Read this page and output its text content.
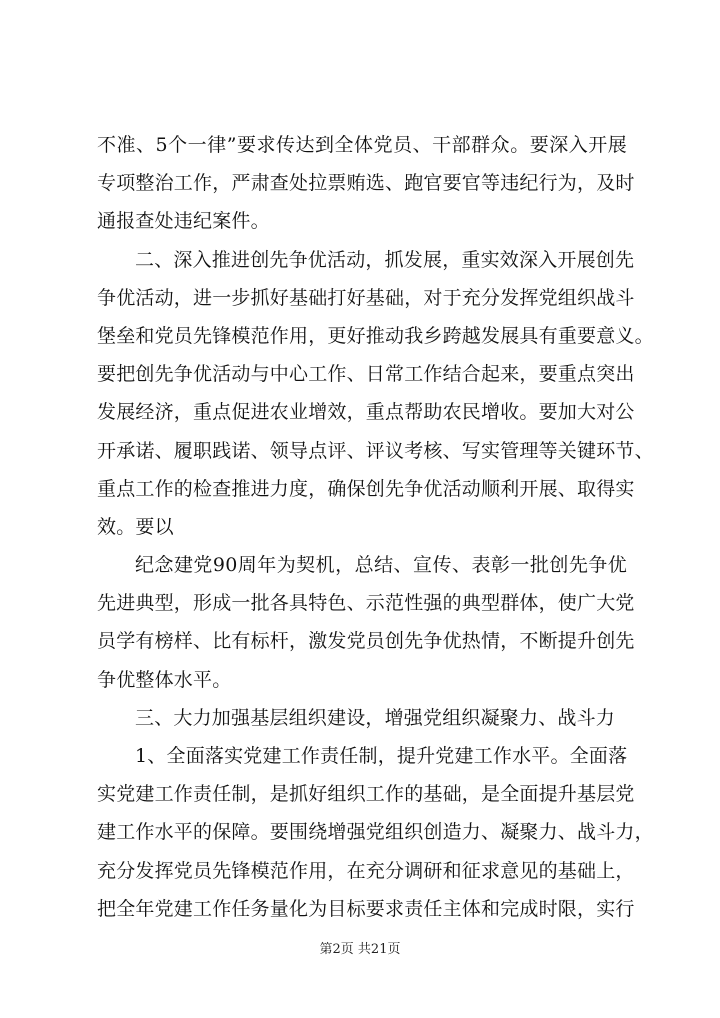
不准、5个一律”要求传达到全体党员、干部群众。要深入开展
专项整治工作，严肃查处拉票贿选、跑官要官等违纪行为，及时
通报查处违纪案件。
二、深入推进创先争优活动，抓发展，重实效深入开展创先
争优活动，进一步抓好基础打好基础，对于充分发挥党组织战斗
堡垒和党员先锋模范作用，更好推动我乡跨越发展具有重要意义。
要把创先争优活动与中心工作、日常工作结合起来，要重点突出
发展经济，重点促进农业增效，重点帮助农民增收。要加大对公
开承诺、履职践诺、领导点评、评议考核、写实管理等关键环节、
重点工作的检查推进力度，确保创先争优活动顺利开展、取得实
效。要以
纪念建党90周年为契机，总结、宣传、表彰一批创先争优
先进典型，形成一批各具特色、示范性强的典型群体，使广大党
员学有榜样、比有标杆，激发党员创先争优热情，不断提升创先
争优整体水平。
三、大力加强基层组织建设，增强党组织凝聚力、战斗力
1、全面落实党建工作责任制，提升党建工作水平。全面落
实党建工作责任制，是抓好组织工作的基础，是全面提升基层党
建工作水平的保障。要围绕增强党组织创造力、凝聚力、战斗力，
充分发挥党员先锋模范作用，在充分调研和征求意见的基础上，
把全年党建工作任务量化为目标要求责任主体和完成时限，实行
第2页 共21页
